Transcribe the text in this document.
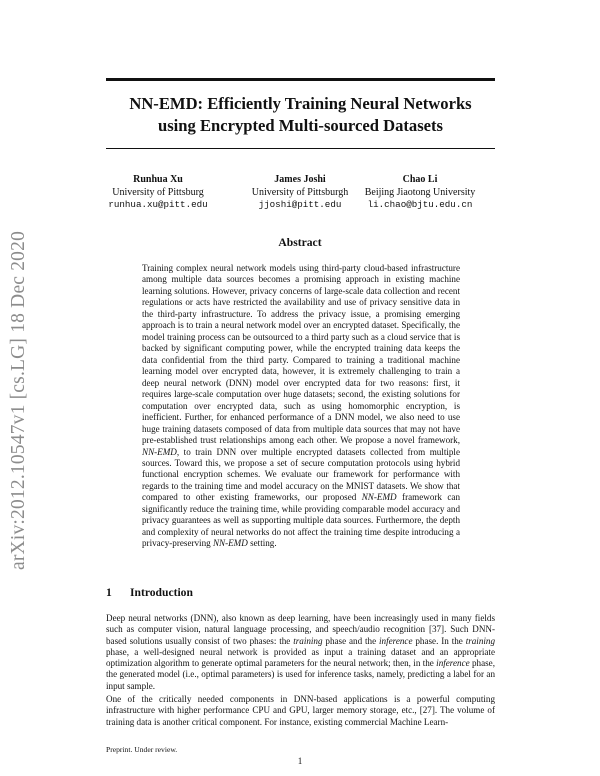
arXiv:2012.10547v1 [cs.LG] 18 Dec 2020
NN-EMD: Efficiently Training Neural Networks
using Encrypted Multi-sourced Datasets
Runhua Xu
University of Pittsburg
runhua.xu@pitt.edu
James Joshi
University of Pittsburgh
jjoshi@pitt.edu
Chao Li
Beijing Jiaotong University
li.chao@bjtu.edu.cn
Abstract
Training complex neural network models using third-party cloud-based infrastructure among multiple data sources becomes a promising approach in existing machine learning solutions. However, privacy concerns of large-scale data collection and recent regulations or acts have restricted the availability and use of privacy sensitive data in the third-party infrastructure. To address the privacy issue, a promising emerging approach is to train a neural network model over an encrypted dataset. Specifically, the model training process can be outsourced to a third party such as a cloud service that is backed by significant computing power, while the encrypted training data keeps the data confidential from the third party. Compared to training a traditional machine learning model over encrypted data, however, it is extremely challenging to train a deep neural network (DNN) model over encrypted data for two reasons: first, it requires large-scale computation over huge datasets; second, the existing solutions for computation over encrypted data, such as using homomorphic encryption, is inefficient. Further, for enhanced performance of a DNN model, we also need to use huge training datasets composed of data from multiple data sources that may not have pre-established trust relationships among each other. We propose a novel framework, NN-EMD, to train DNN over multiple encrypted datasets collected from multiple sources. Toward this, we propose a set of secure computation protocols using hybrid functional encryption schemes. We evaluate our framework for performance with regards to the training time and model accuracy on the MNIST datasets. We show that compared to other existing frameworks, our proposed NN-EMD framework can significantly reduce the training time, while providing comparable model accuracy and privacy guarantees as well as supporting multiple data sources. Furthermore, the depth and complexity of neural networks do not affect the training time despite introducing a privacy-preserving NN-EMD setting.
1 Introduction
Deep neural networks (DNN), also known as deep learning, have been increasingly used in many fields such as computer vision, natural language processing, and speech/audio recognition [37]. Such DNN-based solutions usually consist of two phases: the training phase and the inference phase. In the training phase, a well-designed neural network is provided as input a training dataset and an appropriate optimization algorithm to generate optimal parameters for the neural network; then, in the inference phase, the generated model (i.e., optimal parameters) is used for inference tasks, namely, predicting a label for an input sample.
One of the critically needed components in DNN-based applications is a powerful computing infrastructure with higher performance CPU and GPU, larger memory storage, etc., [27]. The volume of training data is another critical component. For instance, existing commercial Machine Learn-
Preprint. Under review.
1
